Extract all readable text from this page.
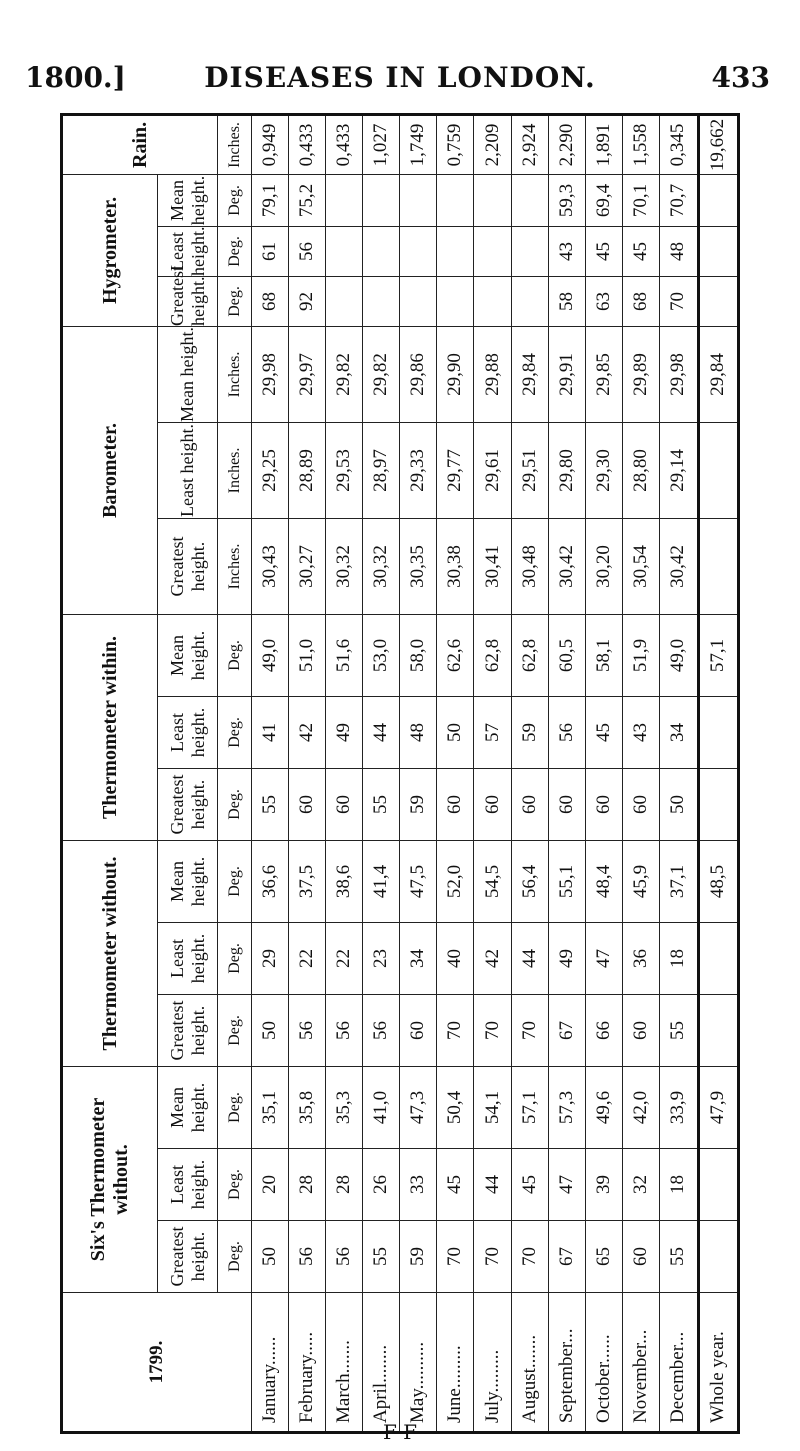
1800.]	DISEASES IN LONDON.	433
1799.	Six's Thermometer without.			Thermometer without.			Thermometer within.			Barometer.			Hygrometer.			Rain.
	Greatest height.	Least height.	Mean height.	Greatest height.	Least height.	Mean height.	Greatest height.	Least height.	Mean height.	Greatest height.	Least height.	Mean height.	Greatest height.	Least height.	Mean height.	
	Deg.	Deg.	Deg.	Deg.	Deg.	Deg.	Deg.	Deg.	Deg.	Inches.	Inches.	Inches.	Deg.	Deg.	Deg.	Inches.
January......	50	20	35,1	50	29	36,6	55	41	49,0	30,43	29,25	29,98	68	61	79,1	0,949
February.....	56	28	35,8	56	22	37,5	60	42	51,0	30,27	28,89	29,97	92	56	75,2	0,433
March.......	56	28	35,3	56	22	38,6	60	49	51,6	30,32	29,53	29,82				0,433
April........	55	26	41,0	56	23	41,4	55	44	53,0	30,32	28,97	29,82				1,027
May..........	59	33	47,3	60	34	47,5	59	48	58,0	30,35	29,33	29,86				1,749
June.........	70	45	50,4	70	40	52,0	60	50	62,6	30,38	29,77	29,90				0,759
July.........	70	44	54,1	70	42	54,5	60	57	62,8	30,41	29,61	29,88				2,209
August.......	70	45	57,1	70	44	56,4	60	59	62,8	30,48	29,51	29,84				2,924
September...	67	47	57,3	67	49	55,1	60	56	60,5	30,42	29,80	29,91	58	43	59,3	2,290
October......	65	39	49,6	66	47	48,4	60	45	58,1	30,20	29,30	29,85	63	45	69,4	1,891
November...	60	32	42,0	60	36	45,9	60	43	51,9	30,54	28,80	29,89	68	45	70,1	1,558
December...	55	18	33,9	55	18	37,1	50	34	49,0	30,42	29,14	29,98	70	48	70,7	0,345
Whole year.			47,9			48,5			57,1			29,84				19,662
F F
